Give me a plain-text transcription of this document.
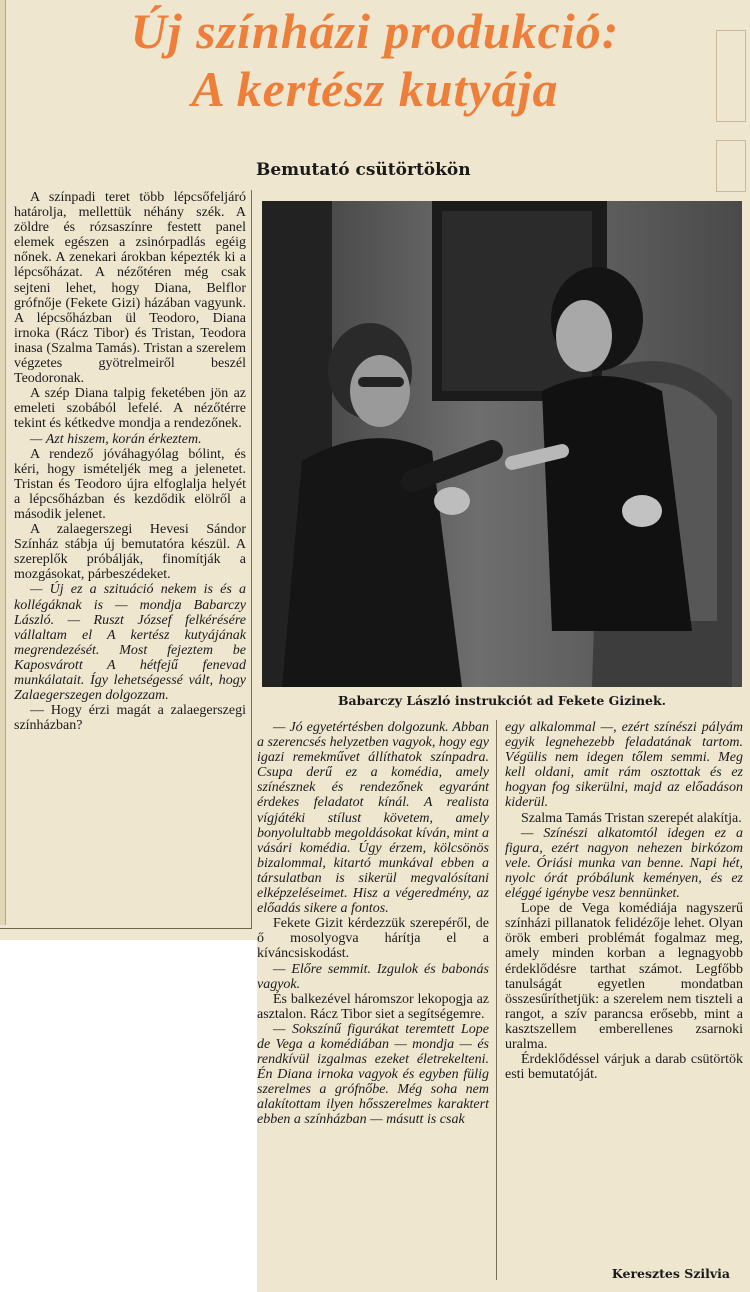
Új színházi produkció:
A kertész kutyája
Bemutató csütörtökön
Babarczy László instrukciót ad Fekete Gizinek.

A színpadi teret több lépcsőfeljáró határolja, mellettük néhány szék. A zöldre és rózsaszínre festett panel elemek egészen a zsinórpadlás egéig nőnek. A zenekari árokban képezték ki a lépcsőházat. A nézőtéren még csak sejteni lehet, hogy Diana, Belflor grófnője (Fekete Gizi) házában vagyunk. A lépcsőházban ül Teodoro, Diana irnoka (Rácz Tibor) és Tristan, Teodora inasa (Szalma Tamás). Tristan a szerelem végzetes gyötrelmeiről beszél Teodoronak.

A szép Diana talpig feketében jön az emeleti szobából lefelé. A nézőtérre tekint és kétkedve mondja a rendezőnek.

— Azt hiszem, korán érkeztem.

A rendező jóváhagyólag bólint, és kéri, hogy ismételjék meg a jelenetet. Tristan és Teodoro újra elfoglalja helyét a lépcsőházban és kezdődik elölről a második jelenet.

A zalaegerszegi Hevesi Sándor Színház stábja új bemutatóra készül. A szereplők próbálják, finomítják a mozgásokat, párbeszédeket.

— Új ez a szituáció nekem is és a kollégáknak is — mondja Babarczy László. — Ruszt József felkérésére vállaltam el A kertész kutyájának megrendezését. Most fejeztem be Kaposvárott A hétfejű fenevad munkálatait. Így lehetségessé vált, hogy Zalaegerszegen dolgozzam.

— Hogy érzi magát a zalaegerszegi színházban?	— Jó egyetértésben dolgozunk. Abban a szerencsés helyzetben vagyok, hogy egy igazi remekművet állíthatok színpadra. Csupa derű ez a komédia, amely színésznek és rendezőnek egyaránt érdekes feladatot kínál. A realista vígjátéki stílust követem, amely bonyolultabb megoldásokat kíván, mint a vásári komédia. Úgy érzem, kölcsönös bizalommal, kitartó munkával ebben a társulatban is sikerül megvalósítani elképzeléseimet. Hisz a végeredmény, az előadás sikere a fontos.

Fekete Gizit kérdezzük szerepéről, de ő mosolyogva hárítja el a kíváncsiskodást.

— Előre semmit. Izgulok és babonás vagyok.

És balkezével háromszor lekopogja az asztalon. Rácz Tibor siet a segítségemre.

— Sokszínű figurákat teremtett Lope de Vega a komédiában — mondja — és rendkívül izgalmas ezeket életrekelteni. Én Diana irnoka vagyok és egyben fülig szerelmes a grófnőbe. Még soha nem alakítottam ilyen hősszerelmes karaktert ebben a színházban — másutt is csak

egy alkalommal —, ezért színészi pályám egyik legnehezebb feladatának tartom. Végülis nem idegen tőlem semmi. Meg kell oldani, amit rám osztottak és ez hogyan fog sikerülni, majd az előadáson kiderül.

Szalma Tamás Tristan szerepét alakítja.

— Színészi alkatomtól idegen ez a figura, ezért nagyon nehezen birkózom vele. Óriási munka van benne. Napi hét, nyolc órát próbálunk keményen, és ez eléggé igénybe vesz bennünket.

Lope de Vega komédiája nagyszerű színházi pillanatok felidézője lehet. Olyan örök emberi problémát fogalmaz meg, amely minden korban a legnagyobb érdeklődésre tarthat számot. Legfőbb tanulságát egyetlen mondatban összesűríthetjük: a szerelem nem tiszteli a rangot, a szív parancsa erősebb, mint a kasztszellem emberellenes zsarnoki uralma.

Érdeklődéssel várjuk a darab csütörtök esti bemutatóját.

Keresztes Szilvia
